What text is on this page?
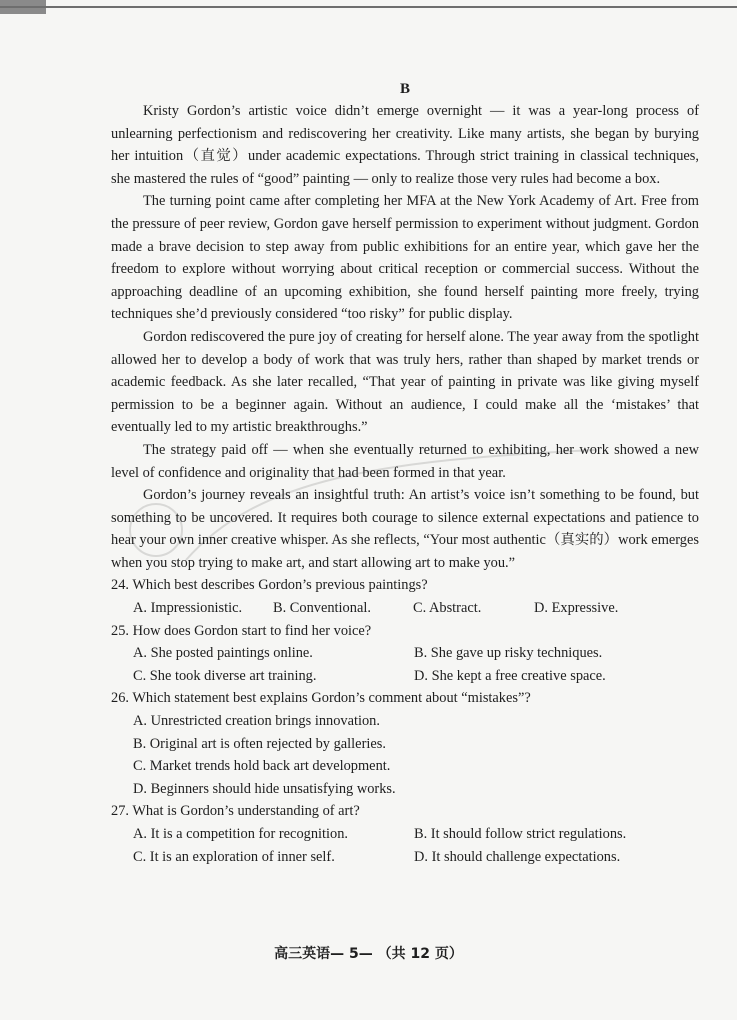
B

Kristy Gordon’s artistic voice didn’t emerge overnight — it was a year-long process of unlearning perfectionism and rediscovering her creativity. Like many artists, she began by burying her intuition（直觉）under academic expectations. Through strict training in classical techniques, she mastered the rules of “good” painting — only to realize those very rules had become a box.

The turning point came after completing her MFA at the New York Academy of Art. Free from the pressure of peer review, Gordon gave herself permission to experiment without judgment. Gordon made a brave decision to step away from public exhibitions for an entire year, which gave her the freedom to explore without worrying about critical reception or commercial success. Without the approaching deadline of an upcoming exhibition, she found herself painting more freely, trying techniques she’d previously considered “too risky” for public display.

Gordon rediscovered the pure joy of creating for herself alone. The year away from the spotlight allowed her to develop a body of work that was truly hers, rather than shaped by market trends or academic feedback. As she later recalled, “That year of painting in private was like giving myself permission to be a beginner again. Without an audience, I could make all the ‘mistakes’ that eventually led to my artistic breakthroughs.”

The strategy paid off — when she eventually returned to exhibiting, her work showed a new level of confidence and originality that had been formed in that year.

Gordon’s journey reveals an insightful truth: An artist’s voice isn’t something to be found, but something to be uncovered. It requires both courage to silence external expectations and patience to hear your own inner creative whisper. As she reflects, “Your most authentic（真实的）work emerges when you stop trying to make art, and start allowing art to make you.”

24. Which best describes Gordon’s previous paintings?

A. Impressionistic.	B. Conventional.	C. Abstract.	D. Expressive.

25. How does Gordon start to find her voice?

A. She posted paintings online.	B. She gave up risky techniques.
C. She took diverse art training.	D. She kept a free creative space.

26. Which statement best explains Gordon’s comment about “mistakes”?

A. Unrestricted creation brings innovation.

B. Original art is often rejected by galleries.

C. Market trends hold back art development.

D. Beginners should hide unsatisfying works.

27. What is Gordon’s understanding of art?

A. It is a competition for recognition.	B. It should follow strict regulations.
C. It is an exploration of inner self.	D. It should challenge expectations.
高三英语— 5— （共 12 页）
